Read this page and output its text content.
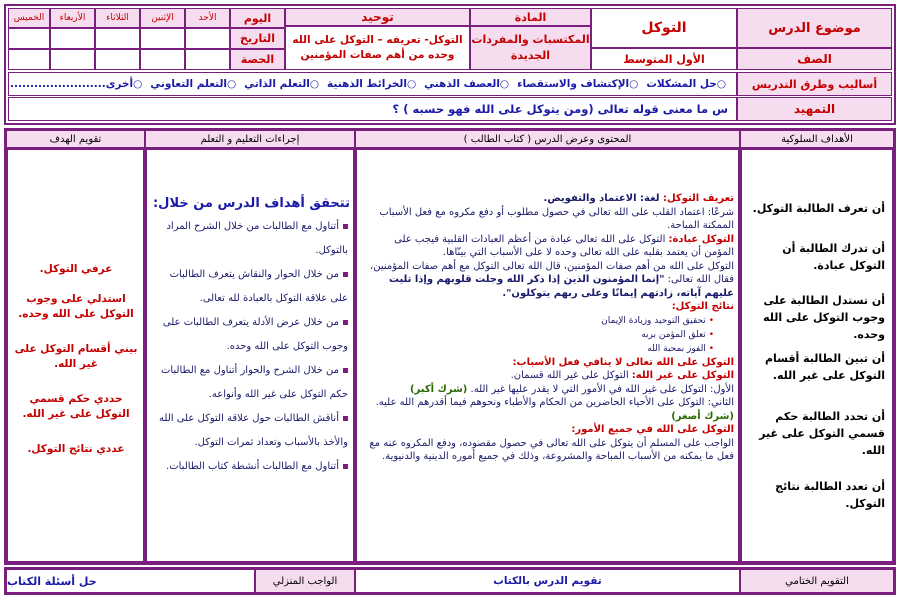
موضوع الدرس
التوكل
المادة
المكتسبات والمفردات الجديدة
توحيد
التوكل- تعريفه – التوكل على الله وحده من أهم صفات المؤمنين
اليوم
التاريخ
الحصة
الأحد
الإثنين
الثلاثاء
الأربعاء
الخميس
الصف
الأول المتوسط
أساليب وطرق التدريس
○حل المشكلات
○الإكتشاف والاستقصاء
○العصف الذهني
○الخرائط الذهنية
○التعلم الذاتي
○التعلم التعاوني
○أخرى........................
التمهيد
س ما معنى قوله تعالى (ومن يتوكل على الله فهو حسبه ) ؟
الأهداف السلوكية
المحتوى وعرض الدرس ( كتاب الطالب )
إجراءات التعليم و التعلم
تقويم الهدف
أن تعرف الطالبة التوكل.
أن تدرك الطالبة أن التوكل عبادة.
أن تستدل الطالبة على وجوب التوكل على الله وحده.
أن تبين الطالبة أقسام التوكل على غير الله.
أن تحدد الطالبة حكم قسمي التوكل على غير الله.
أن تعدد الطالبة نتائج التوكل.

تعريف التوكل: لغة: الاعتماد والتفويض.

شرعًا: اعتماد القلب على الله تعالى في حصول مطلوب أو دفع مكروه مع فعل الأسباب الممكنة المباحة.

التوكل عبادة: التوكل على الله تعالى عبادة من أعظم العبادات القلبية فيجب على المؤمن أن يعتمد بقلبه على الله تعالى وحده لا على الأسباب التي بينّاها.

التوكل على الله من أهم صفات المؤمنين، قال الله تعالى التوكل مع أهم صفات المؤمنين، فقال الله تعالى: "إنما المؤمنون الذين إذا ذكر الله وجلت قلوبهم وإذا تليت عليهم آياته، زادتهم إيمانًا وعلى ربهم يتوكلون".

نتائج التوكل:

• تحقيق التوحيد وزيادة الإيمان
• تعلق المؤمن بربه
• الفوز بمحبة الله

التوكل على الله تعالى لا ينافي فعل الأسباب:

التوكل على غير الله: التوكل على غير الله قسمان.

الأول: التوكل على غير الله في الأمور التي لا يقدر عليها غير الله. (شرك أكبر)

الثاني: التوكل على الأحياء الحاضرين من الحكام والأطباء ونحوهم فيما أقدرهم الله عليه. (شرك أصغر)

التوكل على الله في جميع الأمور:

الواجب على المسلم أن يتوكل على الله تعالى في حصول مقصوده، ودفع المكروه عنه مع فعل ما يمكنه من الأسباب المباحة والمشروعة، وذلك في جميع أموره الدينية والدنيوية.

تتحقق أهداف الدرس من خلال:
أتناول مع الطالبات من خلال الشرح المراد بالتوكل.
من خلال الحوار والنقاش يتعرف الطالبات على علاقة التوكل بالعبادة لله تعالى.
من خلال عرض الأدلة يتعرف الطالبات على وجوب التوكل على الله وحده.
من خلال الشرح والحوار أتناول مع الطالبات حكم التوكل على غير الله وأنواعه.
أناقش الطالبات حول علاقة التوكل على الله والأخذ بالأسباب وتعداد ثمرات التوكل.
أتناول مع الطالبات أنشطة كتاب الطالبات.
عرفي التوكل.
استدلي على وجوب التوكل على الله وحده.
بيني أقسام التوكل على غير الله.
حددي حكم قسمي التوكل على غير الله.
عددي نتائج التوكل.
التقويم الختامي
تقويم الدرس بالكتاب
الواجب المنزلي
حل أسئلة الكتاب
